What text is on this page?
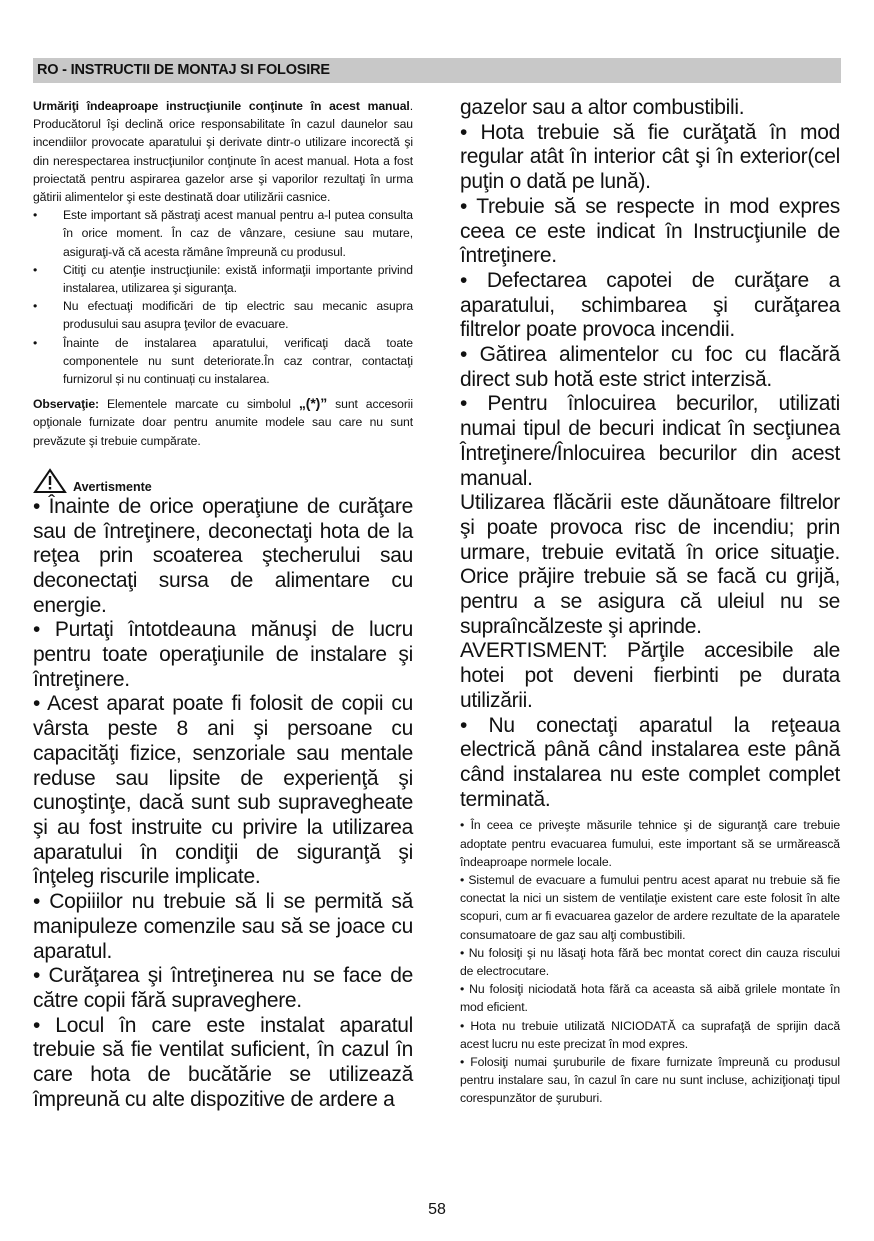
RO - INSTRUCTII DE MONTAJ SI FOLOSIRE

Urmăriţi îndeaproape instrucţiunile conţinute în acest manual. Producătorul îşi declină orice responsabilitate în cazul daunelor sau incendiilor provocate aparatului şi derivate dintr-o utilizare incorectă şi din nerespectarea instrucţiunilor conţinute în acest manual. Hota a fost proiectată pentru aspirarea gazelor arse şi vaporilor rezultaţi în urma gătirii alimentelor şi este destinată doar utilizării casnice.

• Este important să păstraţi acest manual pentru a-l putea consulta în orice moment. În caz de vânzare, cesiune sau mutare, asiguraţi-vă că acesta rămâne împreună cu produsul.
• Citiţi cu atenţie instrucţiunile: există informaţii importante privind instalarea, utilizarea şi siguranţa.
• Nu efectuaţi modificări de tip electric sau mecanic asupra produsului sau asupra ţevilor de evacuare.
• Înainte de instalarea aparatului, verificaţi dacă toate componentele nu sunt deteriorate.În caz contrar, contactaţi furnizorul și nu continuați cu instalarea.

Observaţie: Elementele marcate cu simbolul „(*)” sunt accesorii opţionale furnizate doar pentru anumite modele sau care nu sunt prevăzute şi trebuie cumpărate.

Avertismente

• Înainte de orice operaţiune de curăţare sau de întreţinere, deconectaţi hota de la reţea prin scoaterea ştecherului sau deconectaţi sursa de alimentare cu energie.

• Purtaţi întotdeauna mănuşi de lucru pentru toate operaţiunile de instalare şi întreţinere.

• Acest aparat poate fi folosit de copii cu vârsta peste 8 ani şi persoane cu capacităţi fizice, senzoriale sau mentale reduse sau lipsite de experienţă şi cunoştinţe, dacă sunt sub supravegheate şi au fost instruite cu privire la utilizarea aparatului în condiţii de siguranţă şi înţeleg riscurile implicate.

• Copiiilor nu trebuie să li se permită să manipuleze comenzile sau să se joace cu aparatul.

• Curăţarea şi întreţinerea nu se face de către copii fără supraveghere.

• Locul în care este instalat aparatul trebuie să fie ventilat suficient, în cazul în care hota de bucătărie se utilizează împreună cu alte dispozitive de ardere a

gazelor sau a altor combustibili.

• Hota trebuie să fie curăţată în mod regular atât în interior cât şi în exterior(cel puţin o dată pe lună).

• Trebuie să se respecte in mod expres ceea ce este indicat în Instrucţiunile de întreţinere.

• Defectarea capotei de curăţare a aparatului, schimbarea şi curăţarea filtrelor poate provoca incendii.

• Gătirea alimentelor cu foc cu flacără direct sub hotă este strict interzisă.

• Pentru înlocuirea becurilor, utilizati numai tipul de becuri indicat în secţiunea Întreţinere/Înlocuirea becurilor din acest manual.

Utilizarea flăcării este dăunătoare filtrelor şi poate provoca risc de incendiu; prin urmare, trebuie evitată în orice situaţie. Orice prăjire trebuie să se facă cu grijă, pentru a se asigura că uleiul nu se supraîncălzeste şi aprinde.

AVERTISMENT: Părţile accesibile ale hotei pot deveni fierbinti pe durata utilizării.

• Nu conectaţi aparatul la reţeaua electrică până când instalarea este până când instalarea nu este complet complet terminată.

• În ceea ce priveşte măsurile tehnice şi de siguranţă care trebuie adoptate pentru evacuarea fumului, este important să se urmărească îndeaproape normele locale.

• Sistemul de evacuare a fumului pentru acest aparat nu trebuie să fie conectat la nici un sistem de ventilaţie existent care este folosit în alte scopuri, cum ar fi evacuarea gazelor de ardere rezultate de la aparatele consumatoare de gaz sau alţi combustibili.

• Nu folosiţi şi nu lăsaţi hota fără bec montat corect din cauza riscului de electrocutare.

• Nu folosiţi niciodată hota fără ca aceasta să aibă grilele montate în mod eficient.

• Hota nu trebuie utilizată NICIODATĂ ca suprafaţă de sprijin dacă acest lucru nu este precizat în mod expres.

• Folosiţi numai şuruburile de fixare furnizate împreună cu produsul pentru instalare sau, în cazul în care nu sunt incluse, achiziţionaţi tipul corespunzător de şuruburi.

58
